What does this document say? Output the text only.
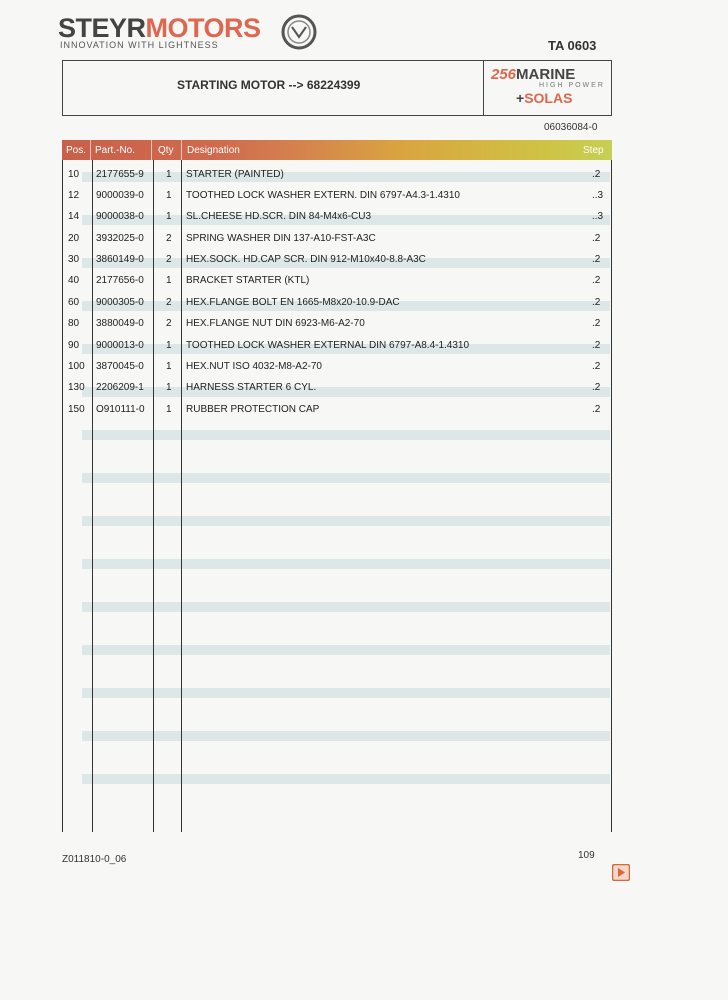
STEYRMOTORS
INNOVATION WITH LIGHTNESS	TA 0603
STARTING MOTOR --> 68224399
256MARINE
HIGH POWER
+SOLAS
06036084-0
Pos. Part.-No. Qty Designation	Step
10 2177655-9 1 STARTER (PAINTED)	.2
12 9000039-0 1 TOOTHED LOCK WASHER EXTERN. DIN 6797-A4.3-1.4310	..3
14 9000038-0 1 SL.CHEESE HD.SCR. DIN 84-M4x6-CU3	..3
20 3932025-0 2 SPRING WASHER DIN 137-A10-FST-A3C	.2
30 3860149-0 2 HEX.SOCK. HD.CAP SCR. DIN 912-M10x40-8.8-A3C	.2
40 2177656-0 1 BRACKET STARTER (KTL)	.2
60 9000305-0 2 HEX.FLANGE BOLT EN 1665-M8x20-10.9-DAC	.2
80 3880049-0 2 HEX.FLANGE NUT DIN 6923-M6-A2-70	.2
90 9000013-0 1 TOOTHED LOCK WASHER EXTERNAL DIN 6797-A8.4-1.4310	.2
100 3870045-0 1 HEX.NUT ISO 4032-M8-A2-70	.2
130 2206209-1 1 HARNESS STARTER 6 CYL.	.2
150 O910111-0 1 RUBBER PROTECTION CAP	.2
Z011810-0_06	109
